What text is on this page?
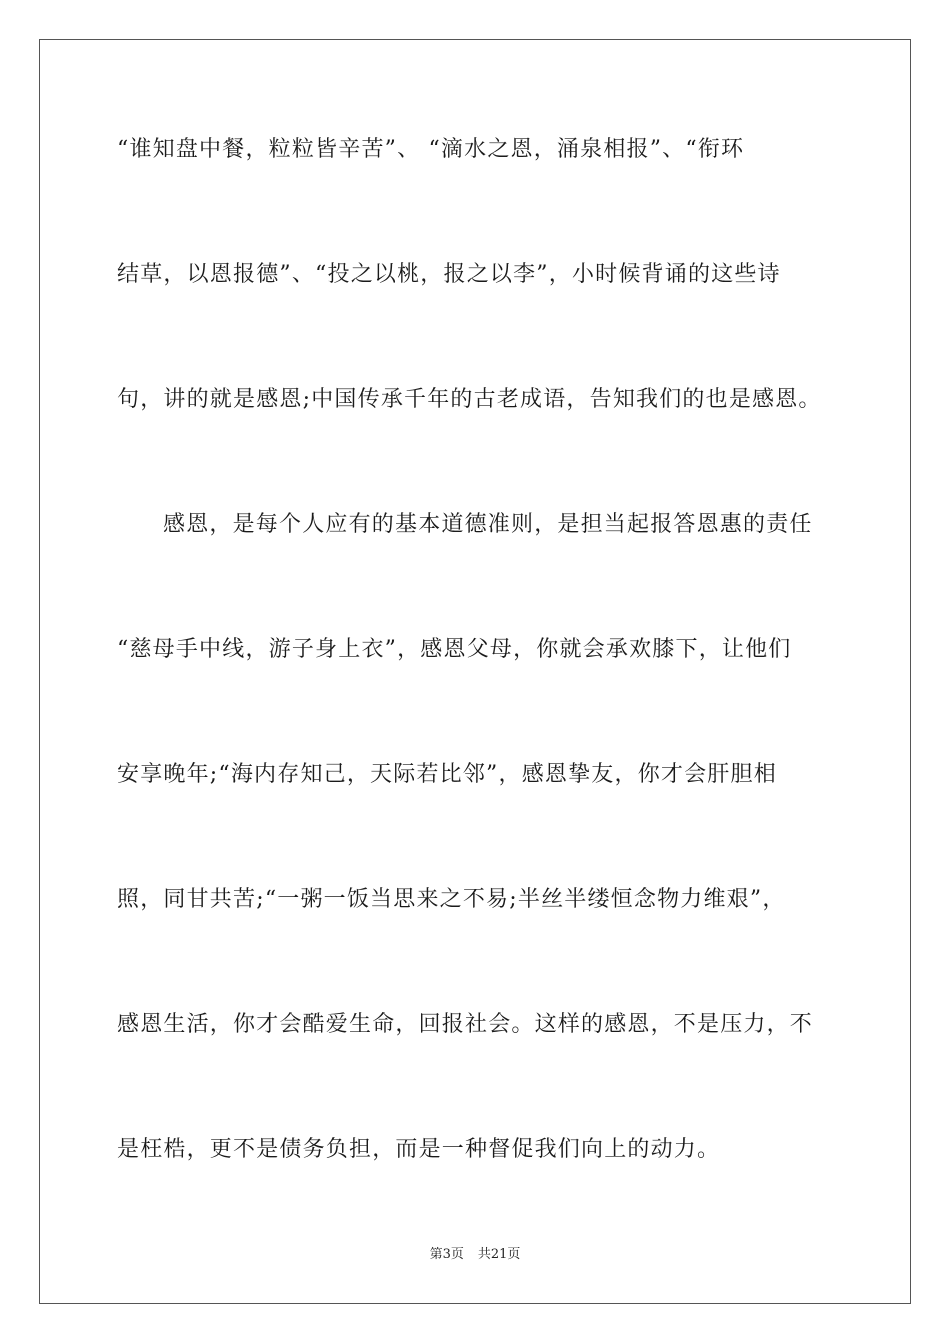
“谁知盘中餐，粒粒皆辛苦”、 “滴水之恩，涌泉相报”、“衔环
结草，以恩报德”、“投之以桃，报之以李”，小时候背诵的这些诗
句，讲的就是感恩;中国传承千年的古老成语，告知我们的也是感恩。
感恩，是每个人应有的基本道德准则，是担当起报答恩惠的责任
“慈母手中线，游子身上衣”，感恩父母，你就会承欢膝下，让他们
安享晚年;“海内存知己，天际若比邻”，感恩挚友，你才会肝胆相
照，同甘共苦;“一粥一饭当思来之不易;半丝半缕恒念物力维艰”，
感恩生活，你才会酷爱生命，回报社会。这样的感恩，不是压力，不
是枉梏，更不是债务负担，而是一种督促我们向上的动力。
第3页 共21页
